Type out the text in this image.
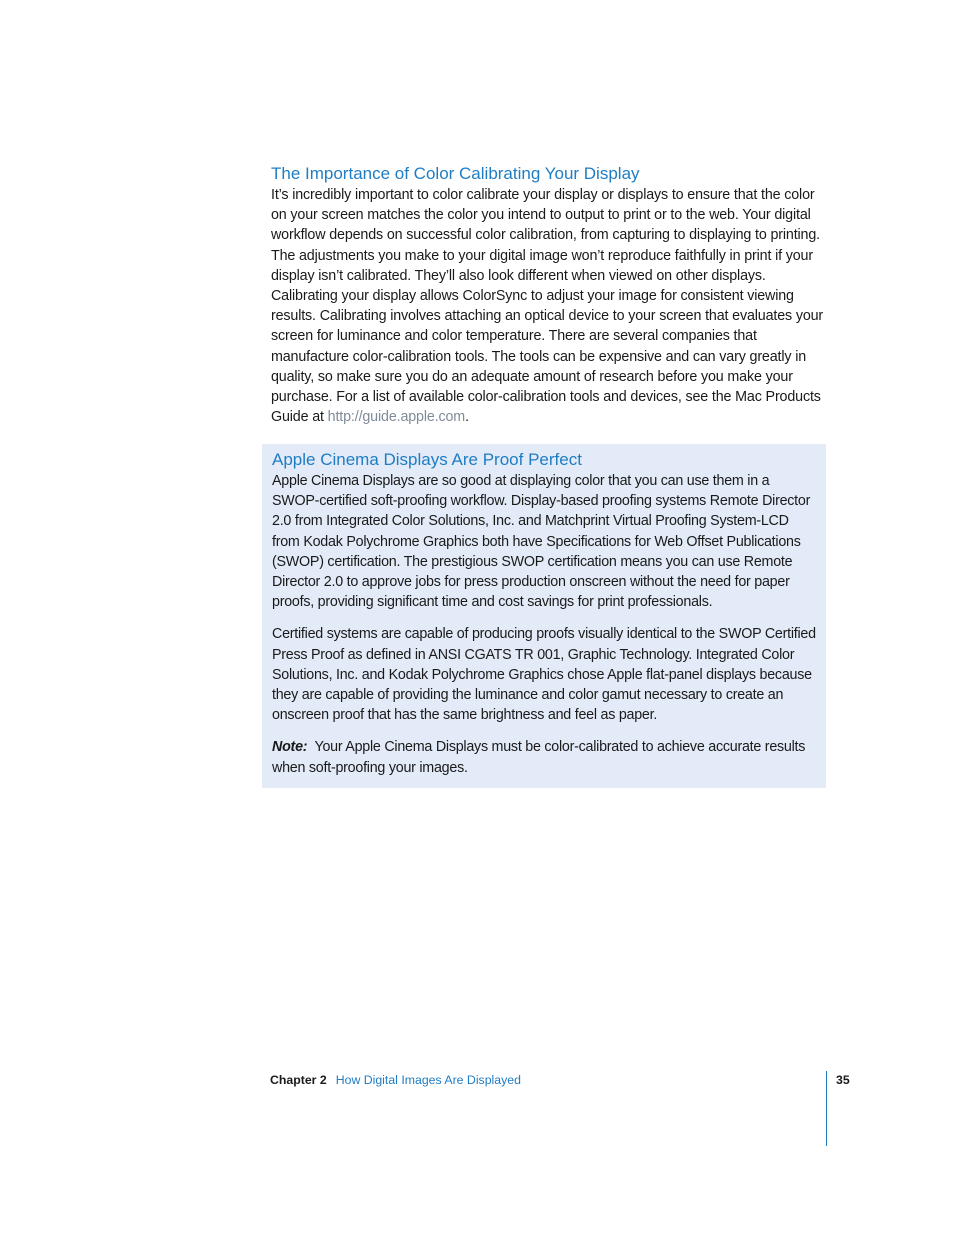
The Importance of Color Calibrating Your Display

It’s incredibly important to color calibrate your display or displays to ensure that the color on your screen matches the color you intend to output to print or to the web. Your digital workflow depends on successful color calibration, from capturing to displaying to printing. The adjustments you make to your digital image won’t reproduce faithfully in print if your display isn’t calibrated. They’ll also look different when viewed on other displays. Calibrating your display allows ColorSync to adjust your image for consistent viewing results. Calibrating involves attaching an optical device to your screen that evaluates your screen for luminance and color temperature. There are several companies that manufacture color-calibration tools. The tools can be expensive and can vary greatly in quality, so make sure you do an adequate amount of research before you make your purchase. For a list of available color-calibration tools and devices, see the Mac Products Guide at http://guide.apple.com.

Apple Cinema Displays Are Proof Perfect

Apple Cinema Displays are so good at displaying color that you can use them in a SWOP-certified soft-proofing workflow. Display-based proofing systems Remote Director 2.0 from Integrated Color Solutions, Inc. and Matchprint Virtual Proofing System-LCD from Kodak Polychrome Graphics both have Specifications for Web Offset Publications (SWOP) certification. The prestigious SWOP certification means you can use Remote Director 2.0 to approve jobs for press production onscreen without the need for paper proofs, providing significant time and cost savings for print professionals.

Certified systems are capable of producing proofs visually identical to the SWOP Certified Press Proof as defined in ANSI CGATS TR 001, Graphic Technology. Integrated Color Solutions, Inc. and Kodak Polychrome Graphics chose Apple flat-panel displays because they are capable of providing the luminance and color gamut necessary to create an onscreen proof that has the same brightness and feel as paper.

Note: Your Apple Cinema Displays must be color-calibrated to achieve accurate results when soft-proofing your images.

Chapter 2 How Digital Images Are Displayed	35
